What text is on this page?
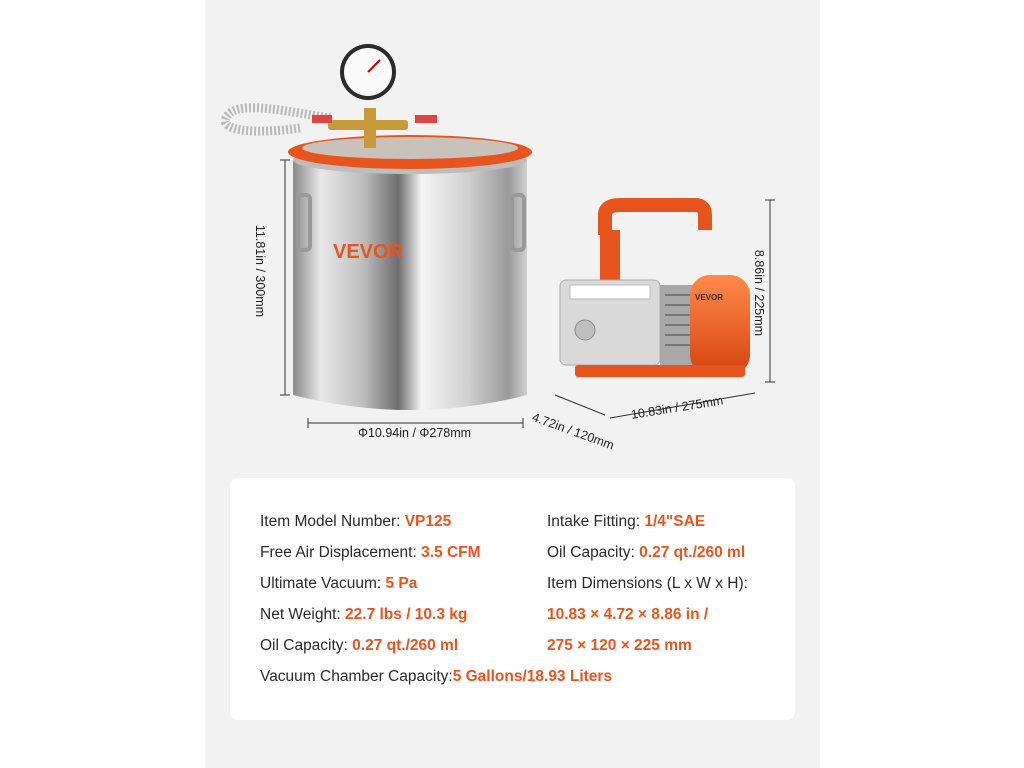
VEVOR
VEVOR
11.81in / 300mm
Φ10.94in / Φ278mm
8.86in / 225mm
4.72in / 120mm
10.83in / 275mm
Item Model Number: VP125
Free Air Displacement: 3.5 CFM
Ultimate Vacuum: 5 Pa
Net Weight: 22.7 lbs / 10.3 kg
Oil Capacity: 0.27 qt./260 ml
Vacuum Chamber Capacity:5 Gallons/18.93 Liters
Intake Fitting: 1/4"SAE
Oil Capacity: 0.27 qt./260 ml
Item Dimensions (L x W x H):
10.83 × 4.72 × 8.86 in /
275 × 120 × 225 mm
